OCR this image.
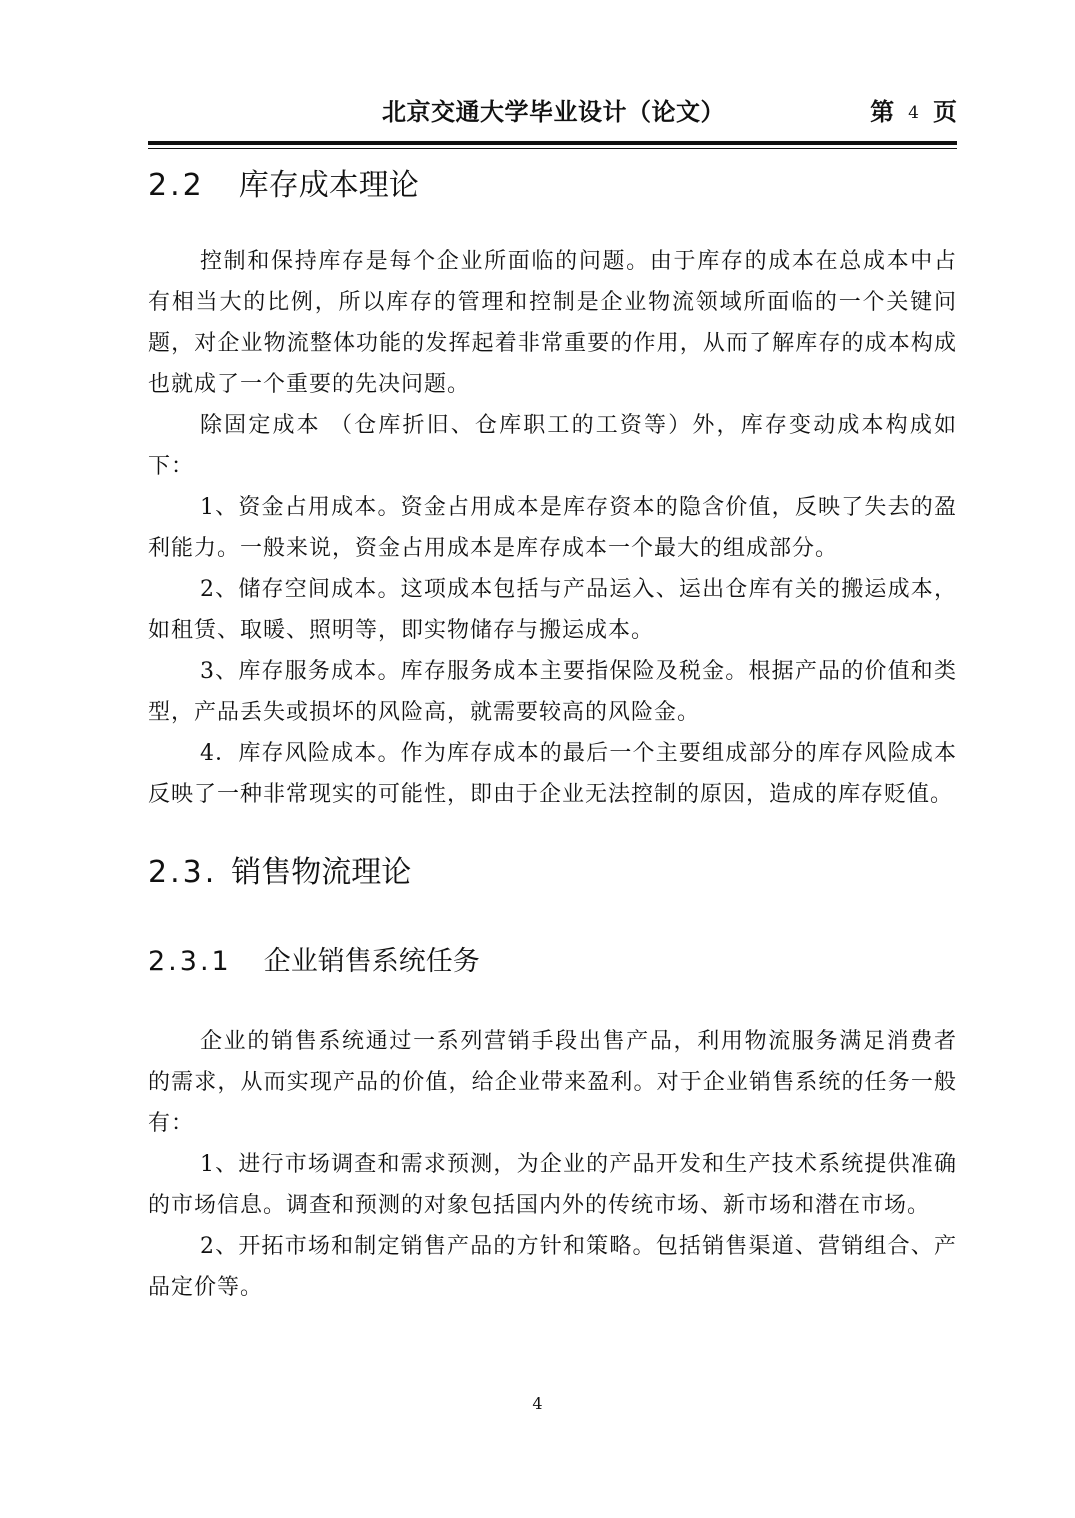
北京交通大学毕业设计（论文）	第 4 页
2.2 库存成本理论

控制和保持库存是每个企业所面临的问题。由于库存的成本在总成本中占有相当大的比例，所以库存的管理和控制是企业物流领域所面临的一个关键问题，对企业物流整体功能的发挥起着非常重要的作用，从而了解库存的成本构成也就成了一个重要的先决问题。

除固定成本 （仓库折旧、仓库职工的工资等）外，库存变动成本构成如下：

1、资金占用成本。资金占用成本是库存资本的隐含价值，反映了失去的盈利能力。一般来说，资金占用成本是库存成本一个最大的组成部分。

2、储存空间成本。这项成本包括与产品运入、运出仓库有关的搬运成本，如租赁、取暖、照明等，即实物储存与搬运成本。

3、库存服务成本。库存服务成本主要指保险及税金。根据产品的价值和类型，产品丢失或损坏的风险高，就需要较高的风险金。

4．库存风险成本。作为库存成本的最后一个主要组成部分的库存风险成本反映了一种非常现实的可能性，即由于企业无法控制的原因，造成的库存贬值。

2.3. 销售物流理论
2.3.1 企业销售系统任务

企业的销售系统通过一系列营销手段出售产品，利用物流服务满足消费者的需求，从而实现产品的价值，给企业带来盈利。对于企业销售系统的任务一般有：

1、进行市场调查和需求预测，为企业的产品开发和生产技术系统提供准确的市场信息。调查和预测的对象包括国内外的传统市场、新市场和潜在市场。

2、开拓市场和制定销售产品的方针和策略。包括销售渠道、营销组合、产品定价等。

4
